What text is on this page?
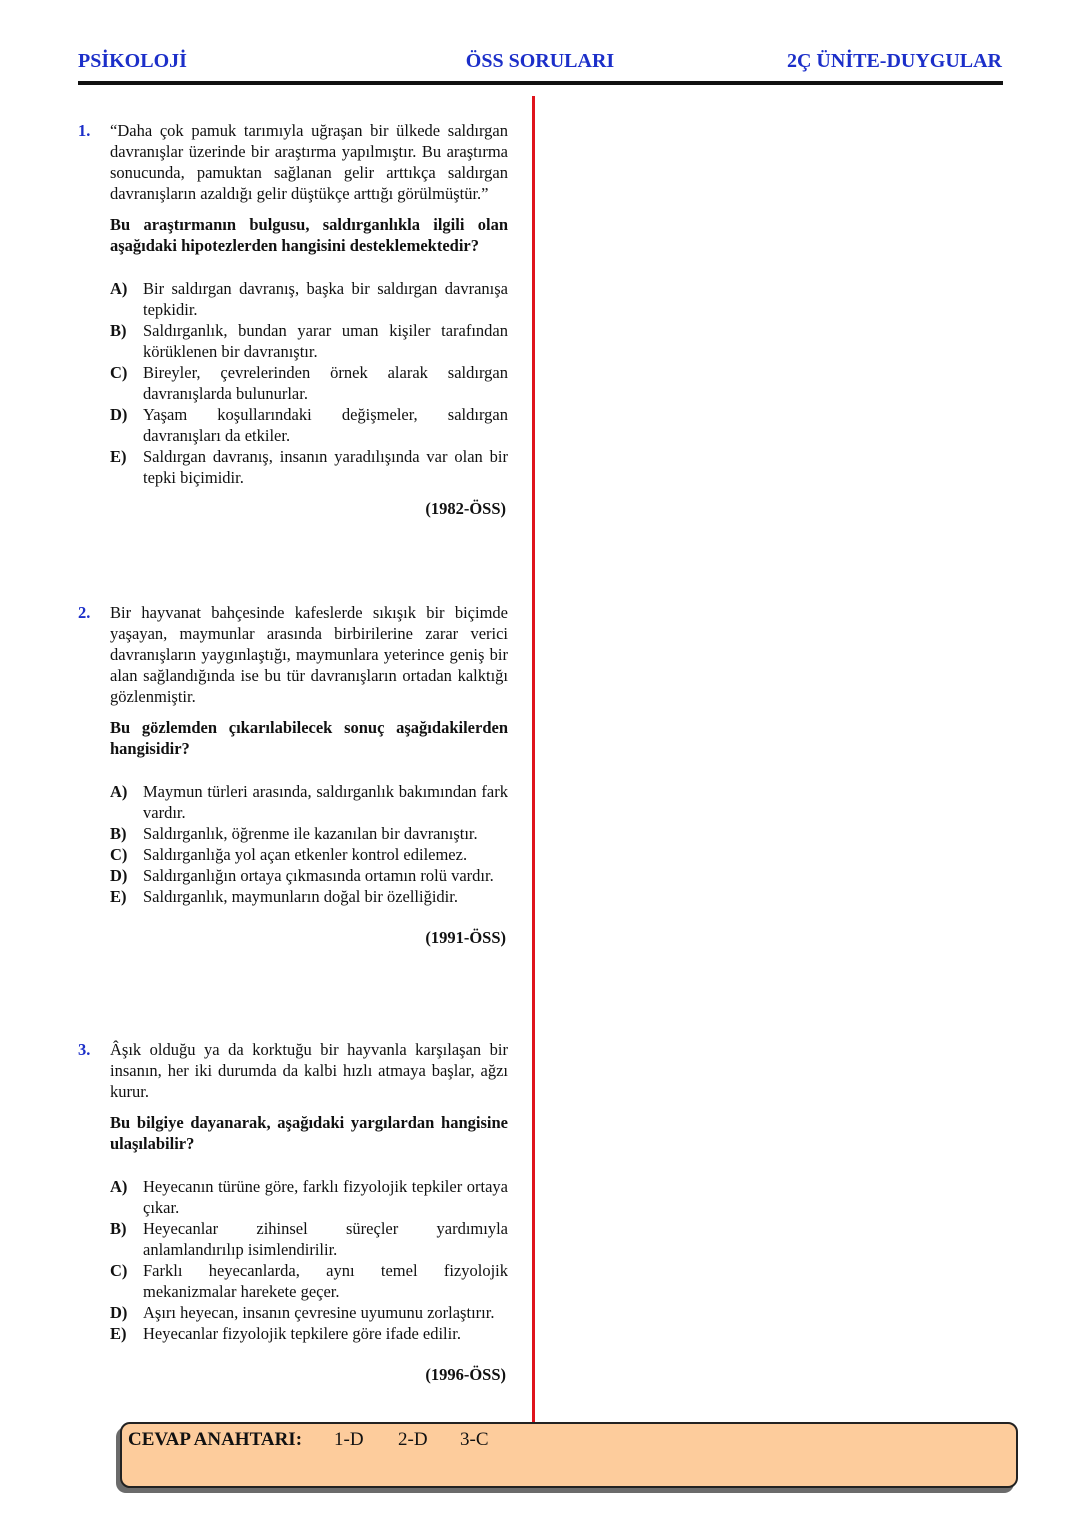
PSİKOLOJİ	ÖSS SORULARI	2Ç ÜNİTE-DUYGULAR
1.	“Daha çok pamuk tarımıyla uğraşan bir ülkede saldırgan davranışlar üzerinde bir araştırma yapılmıştır. Bu araştırma sonucunda, pamuktan sağlanan gelir arttıkça saldırgan davranışların azaldığı gelir düştükçe arttığı görülmüştür.”
Bu araştırmanın bulgusu, saldırganlıkla ilgili olan aşağıdaki hipotezlerden hangisini desteklemektedir?
A) Bir saldırgan davranış, başka bir saldırgan davranışa tepkidir.
B)	Saldırganlık, bundan yarar uman kişiler tarafından körüklenen bir davranıştır.
C) Bireyler, çevrelerinden örnek alarak saldırgan davranışlarda bulunurlar.
D) Yaşam koşullarındaki değişmeler, saldırgan davranışları da etkiler.
E)	Saldırgan davranış, insanın yaradılışında var olan bir tepki biçimidir.
(1982-ÖSS)
2.	Bir hayvanat bahçesinde kafeslerde sıkışık bir biçimde yaşayan, maymunlar arasında birbirilerine zarar verici davranışların yaygınlaştığı, maymunlara yeterince geniş bir alan sağlandığında ise bu tür davranışların ortadan kalktığı gözlenmiştir.
Bu gözlemden çıkarılabilecek sonuç aşağıdakilerden hangisidir?
A) Maymun türleri arasında, saldırganlık bakımından fark vardır.
B)	Saldırganlık, öğrenme ile kazanılan bir davranıştır.
C) Saldırganlığa yol açan etkenler kontrol edilemez.
D) Saldırganlığın ortaya çıkmasında ortamın rolü vardır.
E)	Saldırganlık, maymunların doğal bir özelliğidir.
(1991-ÖSS)
3.	Âşık olduğu ya da korktuğu bir hayvanla karşılaşan bir insanın, her iki durumda da kalbi hızlı atmaya başlar, ağzı kurur.
Bu bilgiye dayanarak, aşağıdaki yargılardan hangisine ulaşılabilir?
A) Heyecanın türüne göre, farklı fizyolojik tepkiler ortaya çıkar.
B)	Heyecanlar zihinsel süreçler yardımıyla anlamlandırılıp isimlendirilir.
C) Farklı heyecanlarda, aynı temel fizyolojik mekanizmalar harekete geçer.
D) Aşırı heyecan, insanın çevresine uyumunu zorlaştırır.
E)	Heyecanlar fizyolojik tepkilere göre ifade edilir.
(1996-ÖSS)
CEVAP ANAHTARI: 1-D 2-D 3-C
